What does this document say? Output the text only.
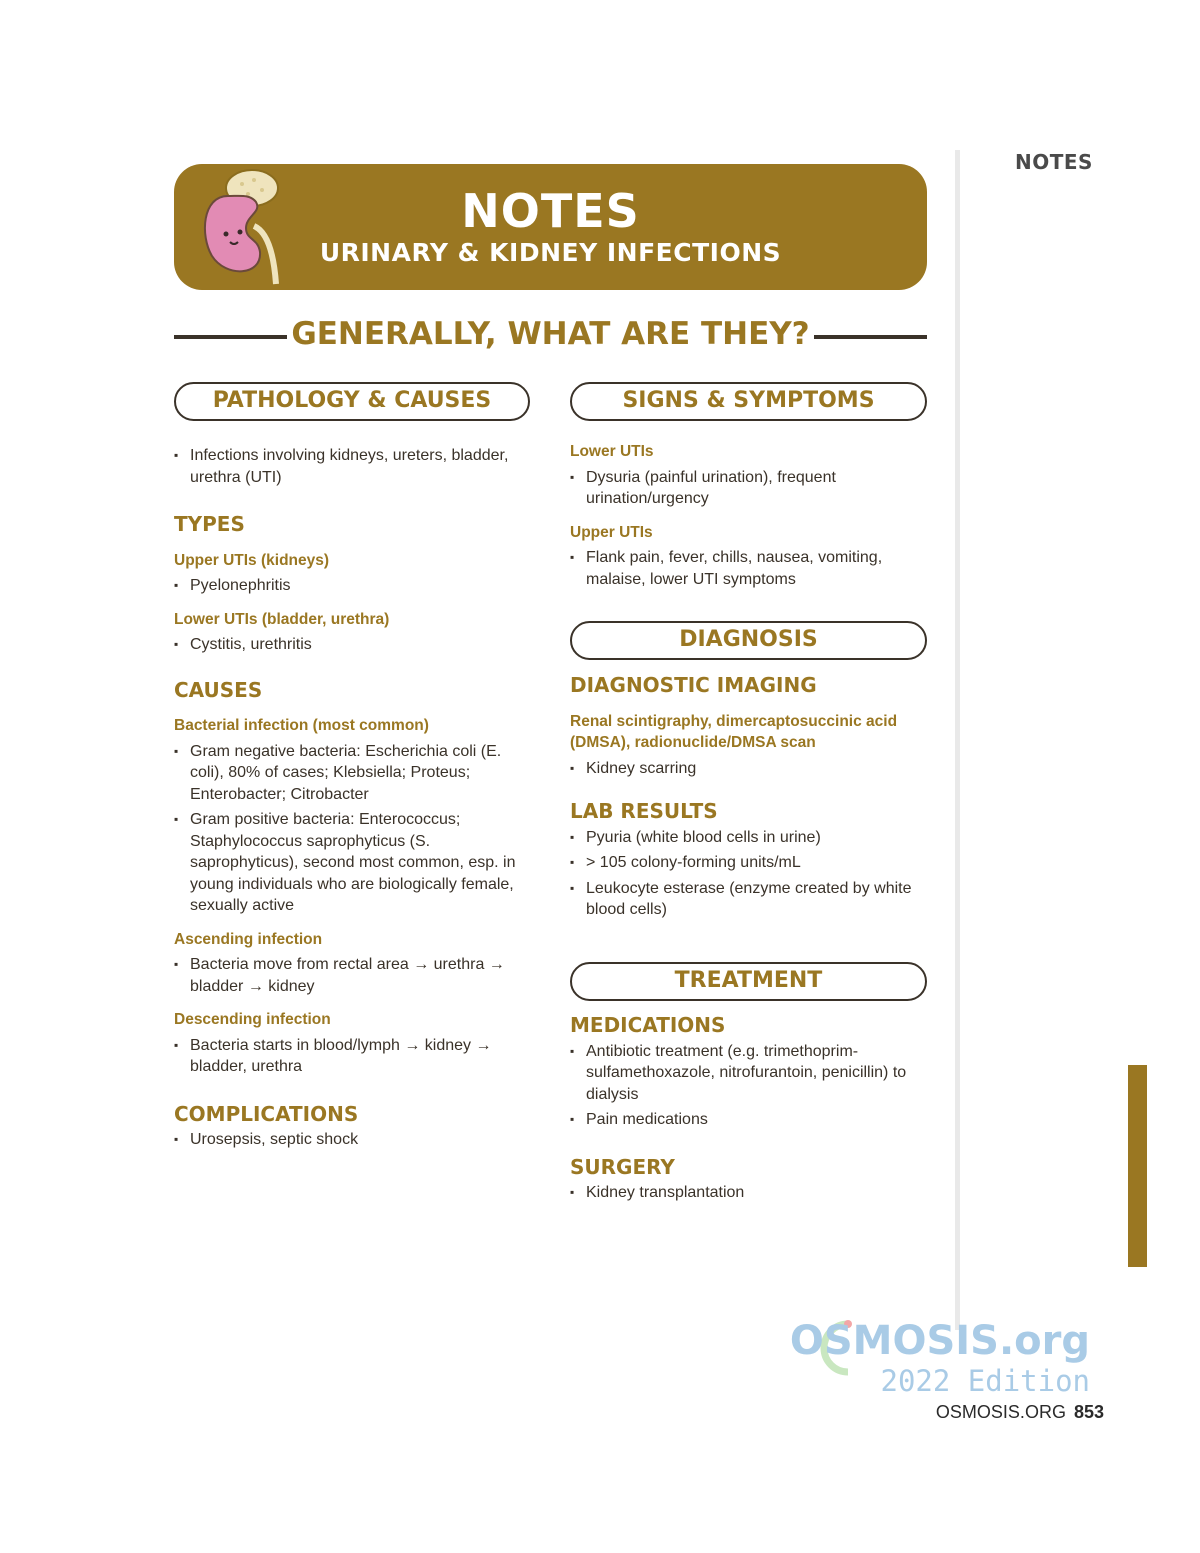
NOTES
NOTES
URINARY & KIDNEY INFECTIONS
GENERALLY, WHAT ARE THEY?
PATHOLOGY & CAUSES
▪ Infections involving kidneys, ureters, bladder, urethra (UTI)

TYPES

Upper UTIs (kidneys)

▪ Pyelonephritis

Lower UTIs (bladder, urethra)

▪ Cystitis, urethritis

CAUSES

Bacterial infection (most common)

▪ Gram negative bacteria: Escherichia coli (E. coli), 80% of cases; Klebsiella; Proteus; Enterobacter; Citrobacter
▪ Gram positive bacteria: Enterococcus; Staphylococcus saprophyticus (S. saprophyticus), second most common, esp. in young individuals who are biologically female, sexually active

Ascending infection

▪ Bacteria move from rectal area → urethra → bladder → kidney

Descending infection

▪ Bacteria starts in blood/lymph → kidney → bladder, urethra

COMPLICATIONS

▪ Urosepsis, septic shock
SIGNS & SYMPTOMS

Lower UTIs

▪ Dysuria (painful urination), frequent urination/urgency

Upper UTIs

▪ Flank pain, fever, chills, nausea, vomiting, malaise, lower UTI symptoms
DIAGNOSIS

DIAGNOSTIC IMAGING

Renal scintigraphy, dimercaptosuccinic acid (DMSA), radionuclide/DMSA scan

▪ Kidney scarring

LAB RESULTS

▪ Pyuria (white blood cells in urine)
▪ > 105 colony-forming units/mL
▪ Leukocyte esterase (enzyme created by white blood cells)
TREATMENT

MEDICATIONS

▪ Antibiotic treatment (e.g. trimethoprim-sulfamethoxazole, nitrofurantoin, penicillin) to dialysis
▪ Pain medications

SURGERY

▪ Kidney transplantation
OSMOSIS.org
2022 Edition
OSMOSIS.ORG 853
